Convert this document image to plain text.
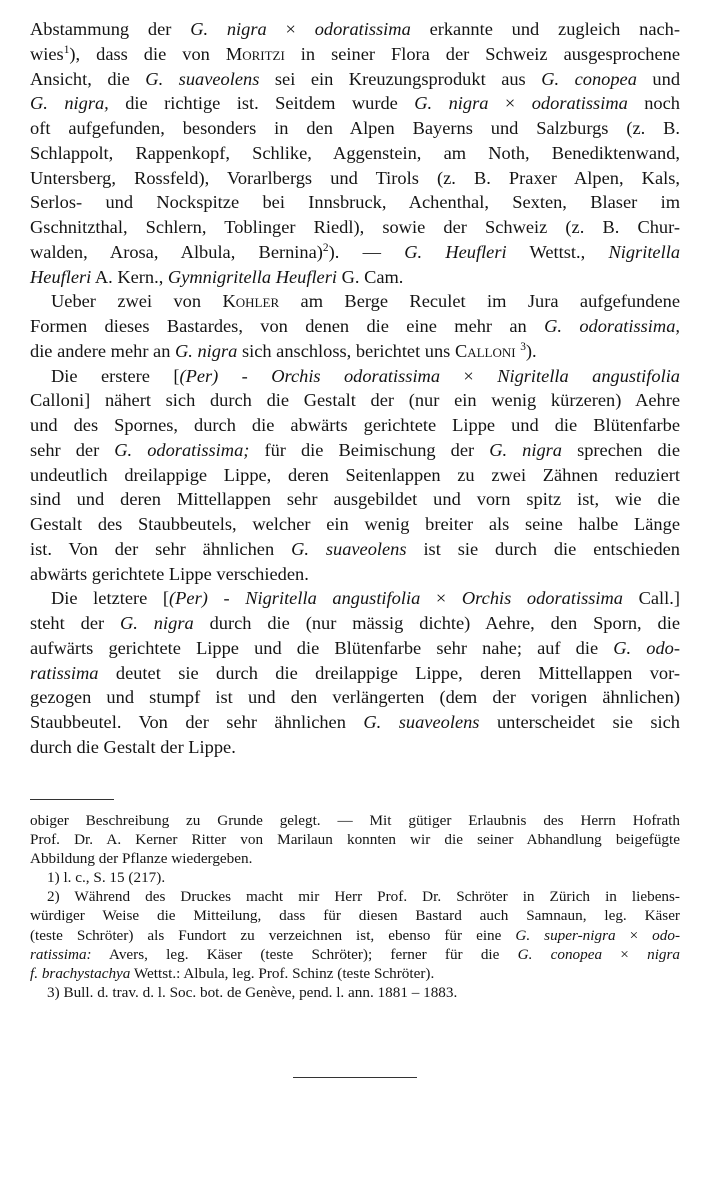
Abstammung der G. nigra × odoratissima erkannte und zugleich nach-
wies$^1$), dass die von Moritzi in seiner Flora der Schweiz ausgesprochene
Ansicht, die G. suaveolens sei ein Kreuzungsprodukt aus G. conopea und
G. nigra, die richtige ist. Seitdem wurde G. nigra × odoratissima noch
oft aufgefunden, besonders in den Alpen Bayerns und Salzburgs (z. B.
Schlappolt, Rappenkopf, Schlike, Aggenstein, am Noth, Benediktenwand,
Untersberg, Rossfeld), Vorarlbergs und Tirols (z. B. Praxer Alpen, Kals,
Serlos- und Nockspitze bei Innsbruck, Achenthal, Sexten, Blaser im
Gschnitzthal, Schlern, Toblinger Riedl), sowie der Schweiz (z. B. Chur-
walden, Arosa, Albula, Bernina)$^2$). — G. Heufleri Wettst., Nigritella
Heufleri A. Kern., Gymnigritella Heufleri G. Cam.
Ueber zwei von Kohler am Berge Reculet im Jura aufgefundene
Formen dieses Bastardes, von denen die eine mehr an G. odoratissima,
die andere mehr an G. nigra sich anschloss, berichtet uns Calloni $^3$).
Die erstere [(Per) - Orchis odoratissima × Nigritella angustifolia
Calloni] nähert sich durch die Gestalt der (nur ein wenig kürzeren) Aehre
und des Spornes, durch die abwärts gerichtete Lippe und die Blütenfarbe
sehr der G. odoratissima; für die Beimischung der G. nigra sprechen die
undeutlich dreilappige Lippe, deren Seitenlappen zu zwei Zähnen reduziert
sind und deren Mittellappen sehr ausgebildet und vorn spitz ist, wie die
Gestalt des Staubbeutels, welcher ein wenig breiter als seine halbe Länge
ist. Von der sehr ähnlichen G. suaveolens ist sie durch die entschieden
abwärts gerichtete Lippe verschieden.
Die letztere [(Per) - Nigritella angustifolia × Orchis odoratissima Call.]
steht der G. nigra durch die (nur mässig dichte) Aehre, den Sporn, die
aufwärts gerichtete Lippe und die Blütenfarbe sehr nahe; auf die G. odo-
ratissima deutet sie durch die dreilappige Lippe, deren Mittellappen vor-
gezogen und stumpf ist und den verlängerten (dem der vorigen ähnlichen)
Staubbeutel. Von der sehr ähnlichen G. suaveolens unterscheidet sie sich
durch die Gestalt der Lippe.
obiger Beschreibung zu Grunde gelegt. — Mit gütiger Erlaubnis des Herrn Hofrath
Prof. Dr. A. Kerner Ritter von Marilaun konnten wir die seiner Abhandlung beigefügte
Abbildung der Pflanze wiedergeben.
1) l. c., S. 15 (217).
2) Während des Druckes macht mir Herr Prof. Dr. Schröter in Zürich in liebens-
würdiger Weise die Mitteilung, dass für diesen Bastard auch Samnaun, leg. Käser
(teste Schröter) als Fundort zu verzeichnen ist, ebenso für eine G. super-nigra × odo-
ratissima: Avers, leg. Käser (teste Schröter); ferner für die G. conopea × nigra
f. brachystachya Wettst.: Albula, leg. Prof. Schinz (teste Schröter).
3) Bull. d. trav. d. l. Soc. bot. de Genève, pend. l. ann. 1881 – 1883.
